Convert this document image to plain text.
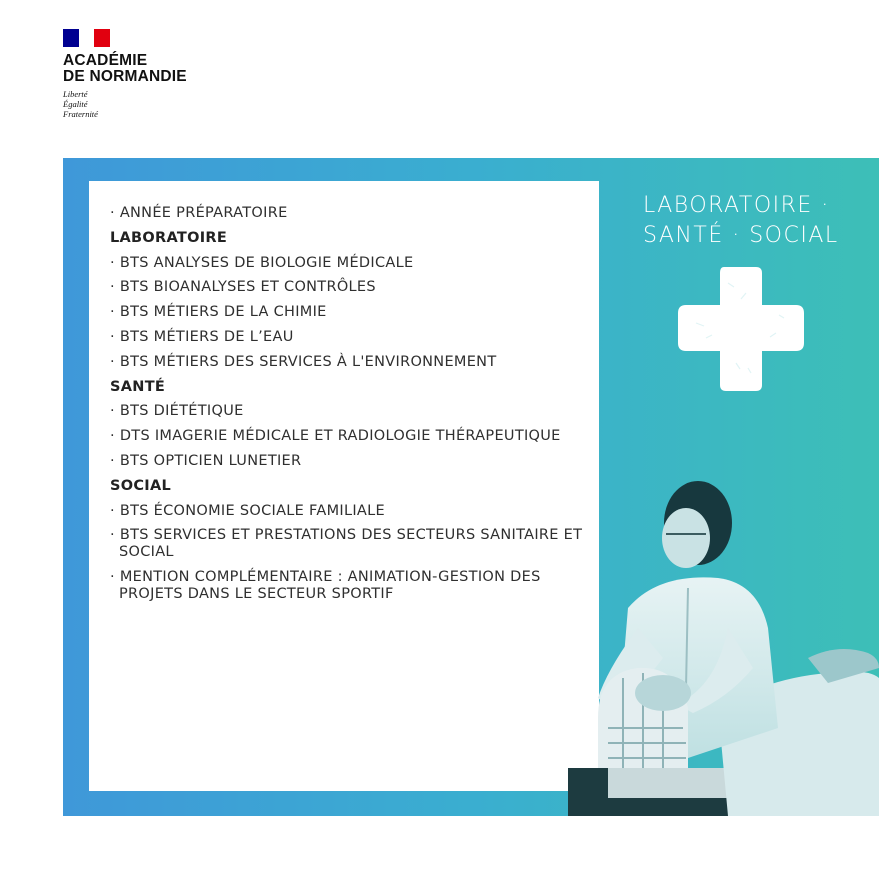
ACADÉMIE
DE NORMANDIE
Liberté
Égalité
Fraternité
· ANNÉE PRÉPARATOIRE
LABORATOIRE
· BTS ANALYSES DE BIOLOGIE MÉDICALE
· BTS BIOANALYSES ET CONTRÔLES
· BTS MÉTIERS DE LA CHIMIE
· BTS MÉTIERS DE L’EAU
· BTS MÉTIERS DES SERVICES À L'ENVIRONNEMENT
SANTÉ
· BTS DIÉTÉTIQUE
· DTS IMAGERIE MÉDICALE ET RADIOLOGIE THÉRAPEUTIQUE
· BTS OPTICIEN LUNETIER
SOCIAL
· BTS ÉCONOMIE SOCIALE FAMILIALE
· BTS SERVICES ET PRESTATIONS DES SECTEURS SANITAIRE ET SOCIAL
· MENTION COMPLÉMENTAIRE : ANIMATION-GESTION DES PROJETS DANS LE SECTEUR SPORTIF
LABORATOIRE ·
SANTÉ · SOCIAL
